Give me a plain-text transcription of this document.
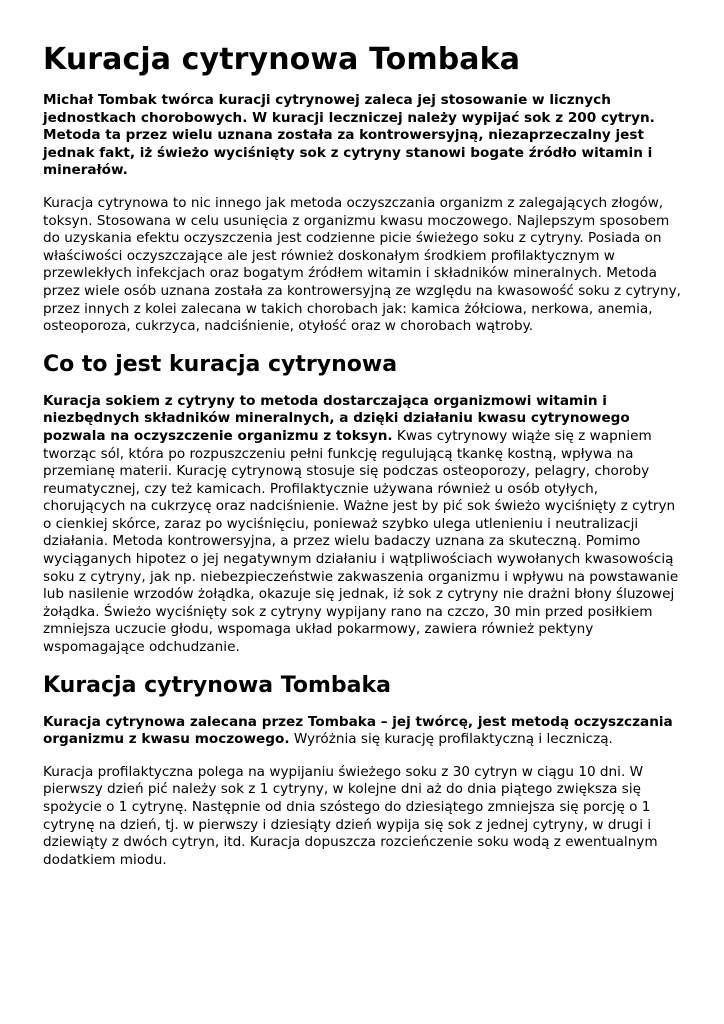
Kuracja cytrynowa Tombaka

Michał Tombak twórca kuracji cytrynowej zaleca jej stosowanie w licznych jednostkach chorobowych. W kuracji leczniczej należy wypijać sok z 200 cytryn. Metoda ta przez wielu uznana została za kontrowersyjną, niezaprzeczalny jest jednak fakt, iż świeżo wyciśnięty sok z cytryny stanowi bogate źródło witamin i minerałów.

Kuracja cytrynowa to nic innego jak metoda oczyszczania organizm z zalegających złogów, toksyn. Stosowana w celu usunięcia z organizmu kwasu moczowego. Najlepszym sposobem do uzyskania efektu oczyszczenia jest codzienne picie świeżego soku z cytryny. Posiada on właściwości oczyszczające ale jest również doskonałym środkiem profilaktycznym w przewlekłych infekcjach oraz bogatym źródłem witamin i składników mineralnych. Metoda przez wiele osób uznana została za kontrowersyjną ze względu na kwasowość soku z cytryny, przez innych z kolei zalecana w takich chorobach jak: kamica żółciowa, nerkowa, anemia, osteoporoza, cukrzyca, nadciśnienie, otyłość oraz w chorobach wątroby.

Co to jest kuracja cytrynowa

Kuracja sokiem z cytryny to metoda dostarczająca organizmowi witamin i niezbędnych składników mineralnych, a dzięki działaniu kwasu cytrynowego pozwala na oczyszczenie organizmu z toksyn. Kwas cytrynowy wiąże się z wapniem tworząc sól, która po rozpuszczeniu pełni funkcję regulującą tkankę kostną, wpływa na przemianę materii. Kurację cytrynową stosuje się podczas osteoporozy, pelagry, choroby reumatycznej, czy też kamicach. Profilaktycznie używana również u osób otyłych, chorujących na cukrzycę oraz nadciśnienie. Ważne jest by pić sok świeżo wyciśnięty z cytryn o cienkiej skórce, zaraz po wyciśnięciu, ponieważ szybko ulega utlenieniu i neutralizacji działania. Metoda kontrowersyjna, a przez wielu badaczy uznana za skuteczną. Pomimo wyciąganych hipotez o jej negatywnym działaniu i wątpliwościach wywołanych kwasowością soku z cytryny, jak np. niebezpieczeństwie zakwaszenia organizmu i wpływu na powstawanie lub nasilenie wrzodów żołądka, okazuje się jednak, iż sok z cytryny nie drażni błony śluzowej żołądka. Świeżo wyciśnięty sok z cytryny wypijany rano na czczo, 30 min przed posiłkiem zmniejsza uczucie głodu, wspomaga układ pokarmowy, zawiera również pektyny wspomagające odchudzanie.

Kuracja cytrynowa Tombaka

Kuracja cytrynowa zalecana przez Tombaka – jej twórcę, jest metodą oczyszczania organizmu z kwasu moczowego. Wyróżnia się kurację profilaktyczną i leczniczą.

Kuracja profilaktyczna polega na wypijaniu świeżego soku z 30 cytryn w ciągu 10 dni. W pierwszy dzień pić należy sok z 1 cytryny, w kolejne dni aż do dnia piątego zwiększa się spożycie o 1 cytrynę. Następnie od dnia szóstego do dziesiątego zmniejsza się porcję o 1 cytrynę na dzień, tj. w pierwszy i dziesiąty dzień wypija się sok z jednej cytryny, w drugi i dziewiąty z dwóch cytryn, itd. Kuracja dopuszcza rozcieńczenie soku wodą z ewentualnym dodatkiem miodu.
